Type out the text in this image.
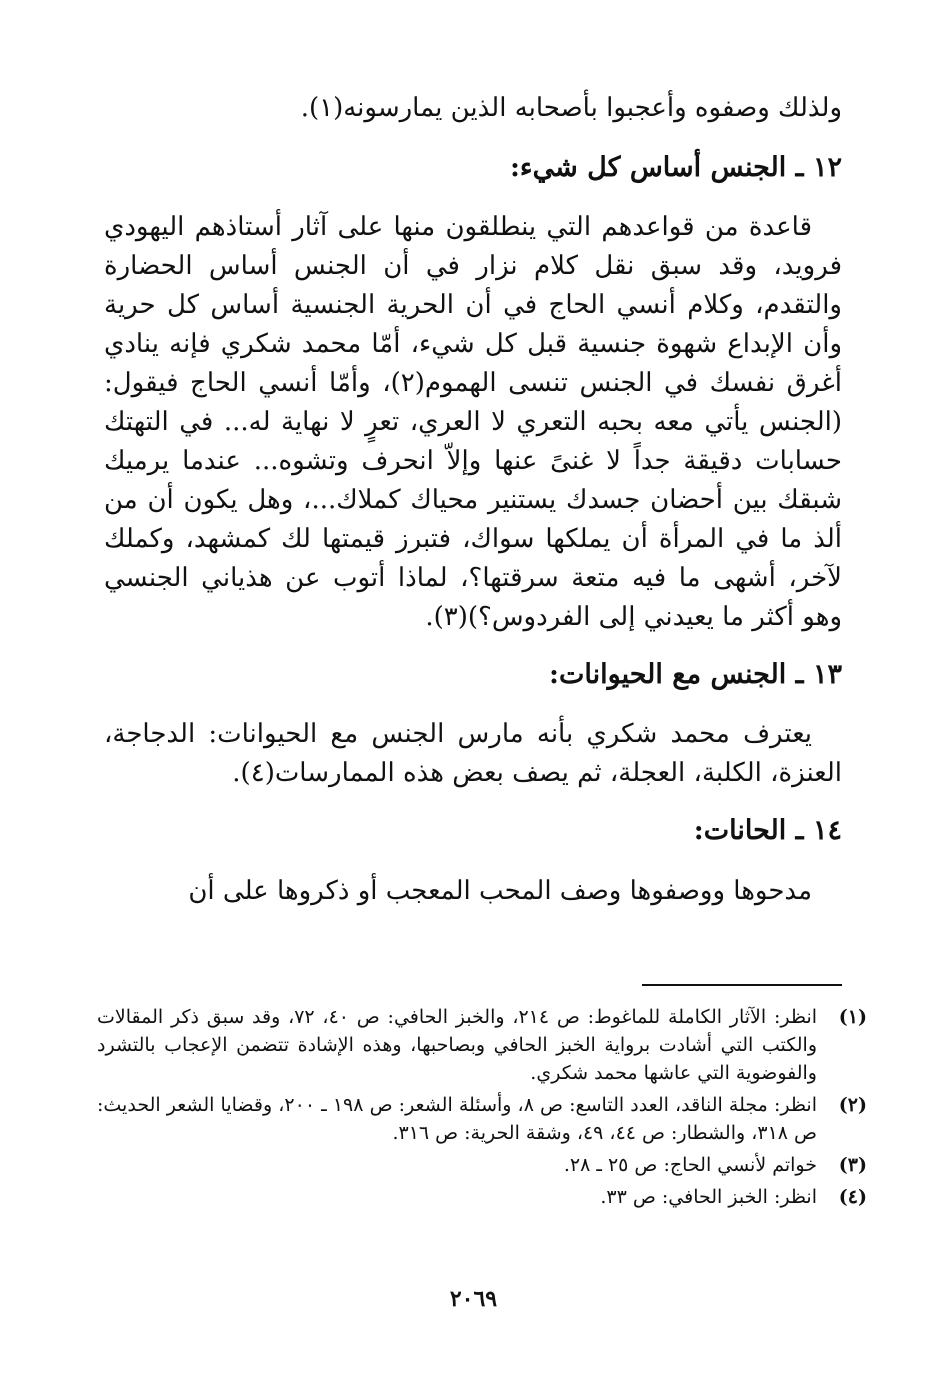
ولذلك وصفوه وأعجبوا بأصحابه الذين يمارسونه(١).

١٢ ـ الجنس أساس كل شيء:

قاعدة من قواعدهم التي ينطلقون منها على آثار أستاذهم اليهودي فرويد، وقد سبق نقل كلام نزار في أن الجنس أساس الحضارة والتقدم، وكلام أنسي الحاج في أن الحرية الجنسية أساس كل حرية وأن الإبداع شهوة جنسية قبل كل شيء، أمّا محمد شكري فإنه ينادي أغرق نفسك في الجنس تنسى الهموم(٢)، وأمّا أنسي الحاج فيقول: (الجنس يأتي معه بحبه التعري لا العري، تعرٍ لا نهاية له... في التهتك حسابات دقيقة جداً لا غنىً عنها وإلاّ انحرف وتشوه... عندما يرميك شبقك بين أحضان جسدك يستنير محياك كملاك...، وهل يكون أن من ألذ ما في المرأة أن يملكها سواك، فتبرز قيمتها لك كمشهد، وكملك لآخر، أشهى ما فيه متعة سرقتها؟، لماذا أتوب عن هذياني الجنسي وهو أكثر ما يعيدني إلى الفردوس؟)(٣).

١٣ ـ الجنس مع الحيوانات:

يعترف محمد شكري بأنه مارس الجنس مع الحيوانات: الدجاجة، العنزة، الكلبة، العجلة، ثم يصف بعض هذه الممارسات(٤).

١٤ ـ الحانات:

مدحوها ووصفوها وصف المحب المعجب أو ذكروها على أن

(١)
انظر: الآثار الكاملة للماغوط: ص ٢١٤، والخبز الحافي: ص ٤٠، ٧٢، وقد سبق ذكر المقالات والكتب التي أشادت برواية الخبز الحافي وبصاحبها، وهذه الإشادة تتضمن الإعجاب بالتشرد والفوضوية التي عاشها محمد شكري.
(٢)
انظر: مجلة الناقد، العدد التاسع: ص ٨، وأسئلة الشعر: ص ١٩٨ ـ ٢٠٠، وقضايا الشعر الحديث: ص ٣١٨، والشطار: ص ٤٤، ٤٩، وشقة الحرية: ص ٣١٦.
(٣)
خواتم لأنسي الحاج: ص ٢٥ ـ ٢٨.
(٤)
انظر: الخبز الحافي: ص ٣٣.
٢٠٦٩
